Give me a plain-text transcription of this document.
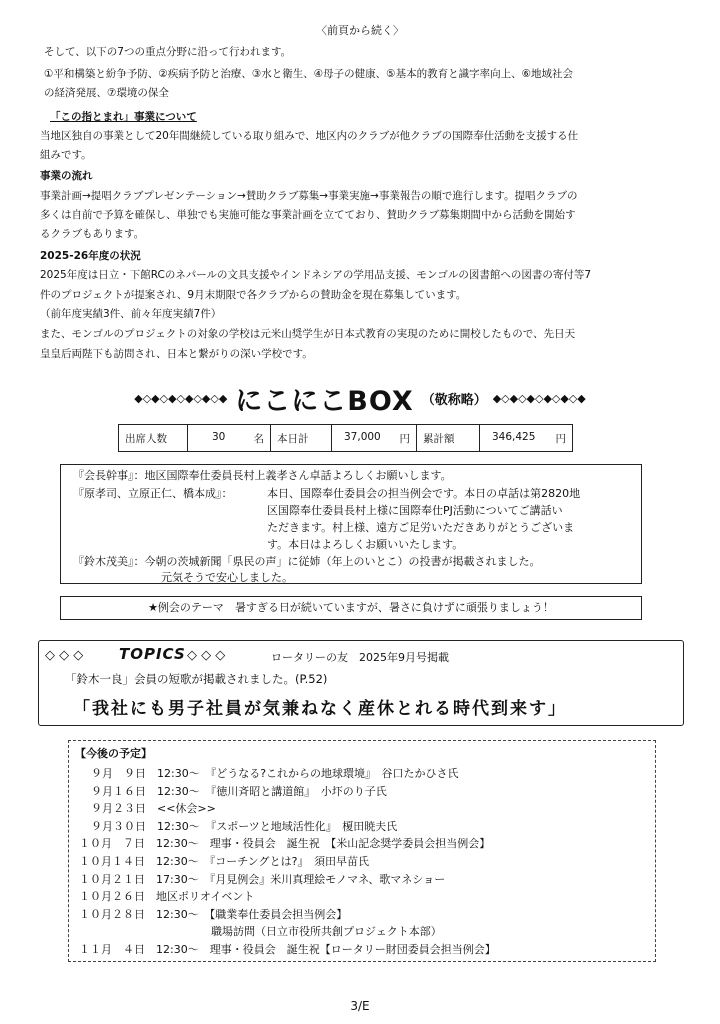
〈前頁から続く〉
そして、以下の7つの重点分野に沿って行われます。
①平和構築と紛争予防、②疾病予防と治療、③水と衛生、④母子の健康、⑤基本的教育と識字率向上、⑥地域社会
の経済発展、⑦環境の保全
「この指とまれ」事業について
当地区独自の事業として20年間継続している取り組みで、地区内のクラブが他クラブの国際奉仕活動を支援する仕
組みです。
事業の流れ
事業計画→提唱クラブプレゼンテーション→賛助クラブ募集→事業実施→事業報告の順で進行します。提唱クラブの
多くは自前で予算を確保し、単独でも実施可能な事業計画を立てており、賛助クラブ募集期間中から活動を開始す
るクラブもあります。
2025-26年度の状況
2025年度は日立・下館RCのネパールの文具支援やインドネシアの学用品支援、モンゴルの図書館への図書の寄付等7
件のプロジェクトが提案され、9月末期限で各クラブからの賛助金を現在募集しています。
（前年度実績3件、前々年度実績7件）
また、モンゴルのプロジェクトの対象の学校は元米山奨学生が日本式教育の実現のために開校したもので、先日天
皇皇后両陛下も訪問され、日本と繋がりの深い学校です。
◆◇◆◇◆◇◆◇◆◇◆ にこにこBOX （敬称略） ◆◇◆◇◆◇◆◇◆◇◆
出席人数	30	名	本日計	37,000 円	累計額	346,425 円
『会長幹事』：地区国際奉仕委員長村上義孝さん卓話よろしくお願いします。
『原孝司、立原正仁、橋本成』：	本日、国際奉仕委員会の担当例会です。本日の卓話は第2820地
区国際奉仕委員長村上様に国際奉仕PJ活動についてご講話い
ただきます。村上様、遠方ご足労いただきありがとうございま
す。本日はよろしくお願いいたします。
『鈴木茂美』：今朝の茨城新聞「県民の声」に従姉（年上のいとこ）の投書が掲載されました。
元気そうで安心しました。
★例会のテーマ　暑すぎる日が続いていますが、暑さに負けずに頑張りましょう！
◇ ◇ ◇ TOPICS ◇ ◇ ◇	ロータリーの友　2025年9月号掲載
「鈴木一良」会員の短歌が掲載されました。(P.52)
「我社にも男子社員が気兼ねなく産休とれる時代到来す」
【今後の予定】
９月　９日　12:30～　『どうなる?これからの地球環境』　谷口たかひさ氏
９月１６日　12:30～　『徳川斉昭と講道館』　小圷のり子氏
９月２３日　<<休会>>
９月３０日　12:30～　『スポーツと地域活性化』　榎田暁夫氏
１０月　７日　12:30～　理事・役員会　誕生祝　【米山記念奨学委員会担当例会】
１０月１４日　12:30～　『コーチングとは?』　須田早苗氏
１０月２１日　17:30～　『月見例会』米川真理絵モノマネ、歌マネショー
１０月２６日　地区ポリオイベント
１０月２８日　12:30～　【職業奉仕委員会担当例会】
　　　　　　　　　　　　職場訪問（日立市役所共創プロジェクト本部）
１１月　４日　12:30～　理事・役員会　誕生祝【ロータリー財団委員会担当例会】
3/E
